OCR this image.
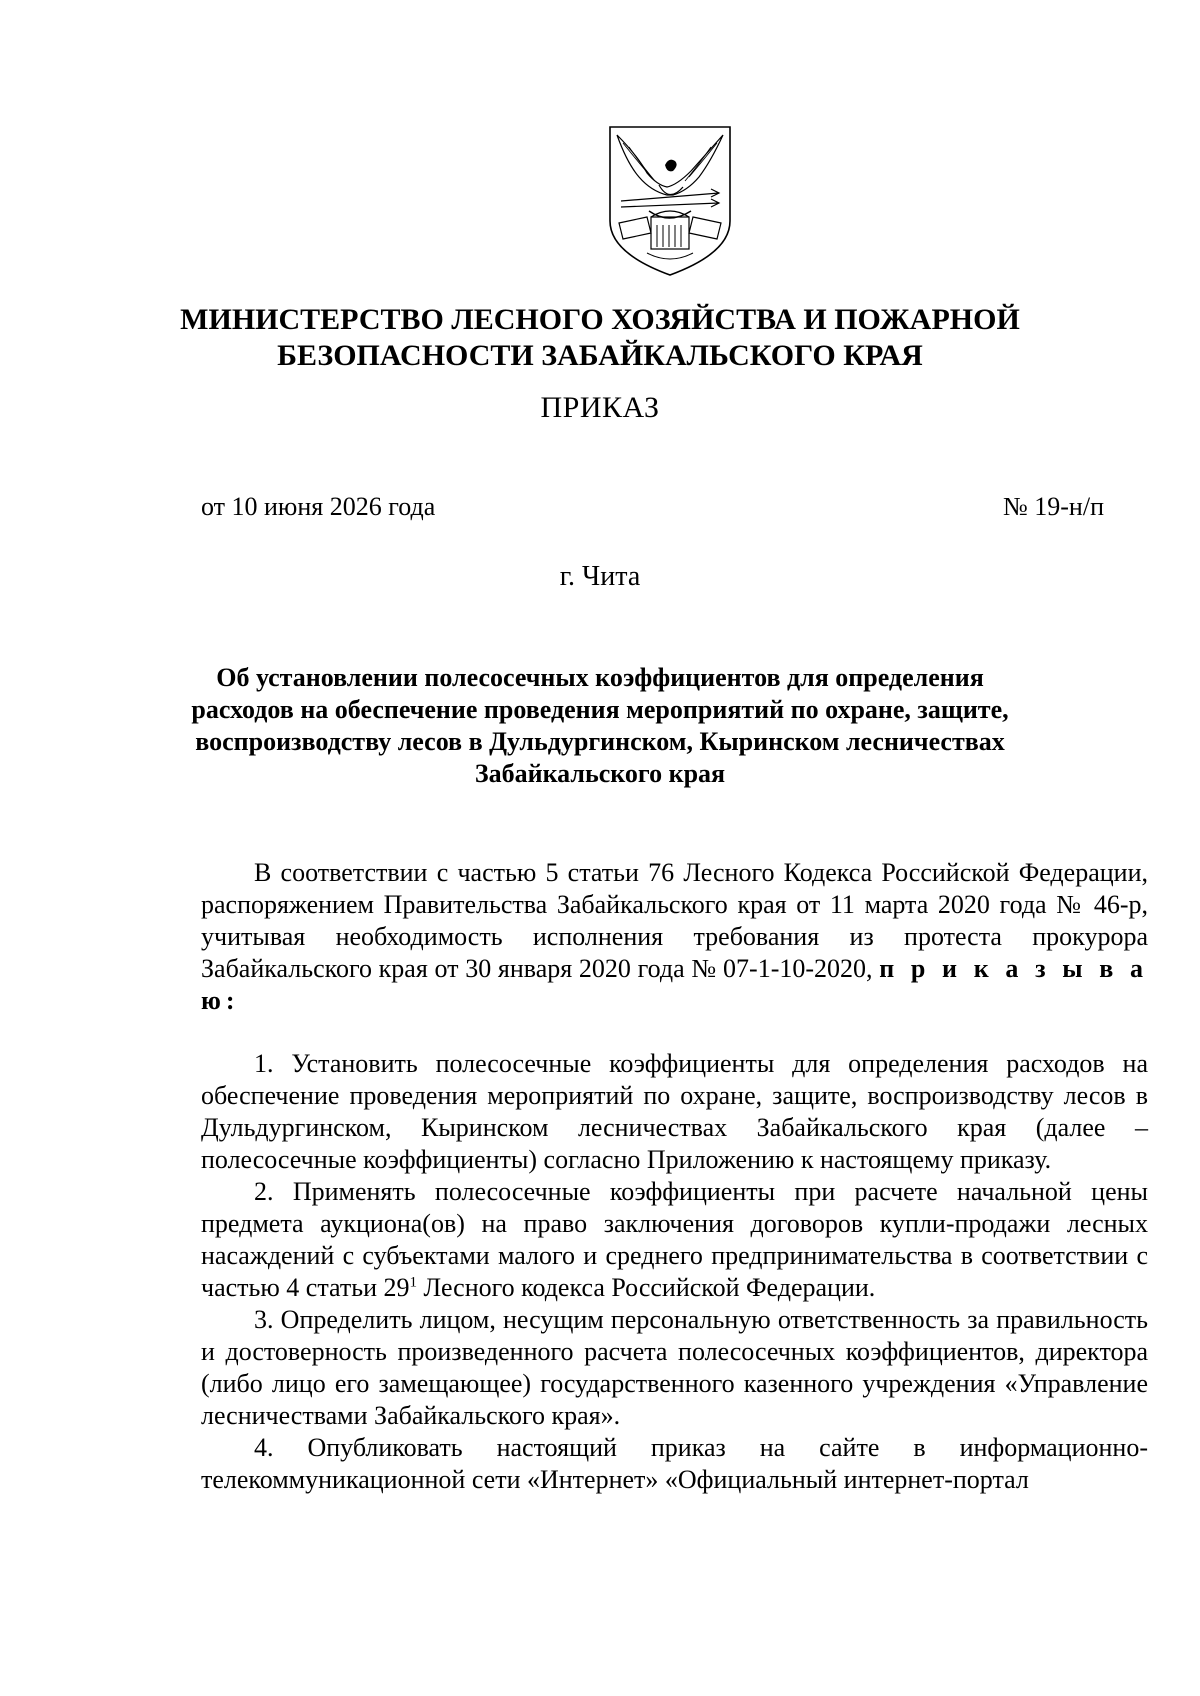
МИНИСТЕРСТВО ЛЕСНОГО ХОЗЯЙСТВА И ПОЖАРНОЙ
БЕЗОПАСНОСТИ ЗАБАЙКАЛЬСКОГО КРАЯ
ПРИКАЗ
от 10 июня 2026 года	№ 19-н/п
г. Чита
Об установлении полесосечных коэффициентов для определения расходов на обеспечение проведения мероприятий по охране, защите, воспроизводству лесов в Дульдургинском, Кыринском лесничествах Забайкальского края

В соответствии с частью 5 статьи 76 Лесного Кодекса Российской Федерации, распоряжением Правительства Забайкальского края от 11 марта 2020 года № 46-р, учитывая необходимость исполнения требования из протеста прокурора Забайкальского края от 30 января 2020 года № 07-1-10-2020, п р и к а з ы в а ю:

1. Установить полесосечные коэффициенты для определения расходов на обеспечение проведения мероприятий по охране, защите, воспроизводству лесов в Дульдургинском, Кыринском лесничествах Забайкальского края (далее – полесосечные коэффициенты) согласно Приложению к настоящему приказу.

2. Применять полесосечные коэффициенты при расчете начальной цены предмета аукциона(ов) на право заключения договоров купли-продажи лесных насаждений с субъектами малого и среднего предпринимательства в соответствии с частью 4 статьи $29^1$ Лесного кодекса Российской Федерации.

3. Определить лицом, несущим персональную ответственность за правильность и достоверность произведенного расчета полесосечных коэффициентов, директора (либо лицо его замещающее) государственного казенного учреждения «Управление лесничествами Забайкальского края».

4. Опубликовать настоящий приказ на сайте в информационно-телекоммуникационной сети «Интернет» «Официальный интернет-портал
